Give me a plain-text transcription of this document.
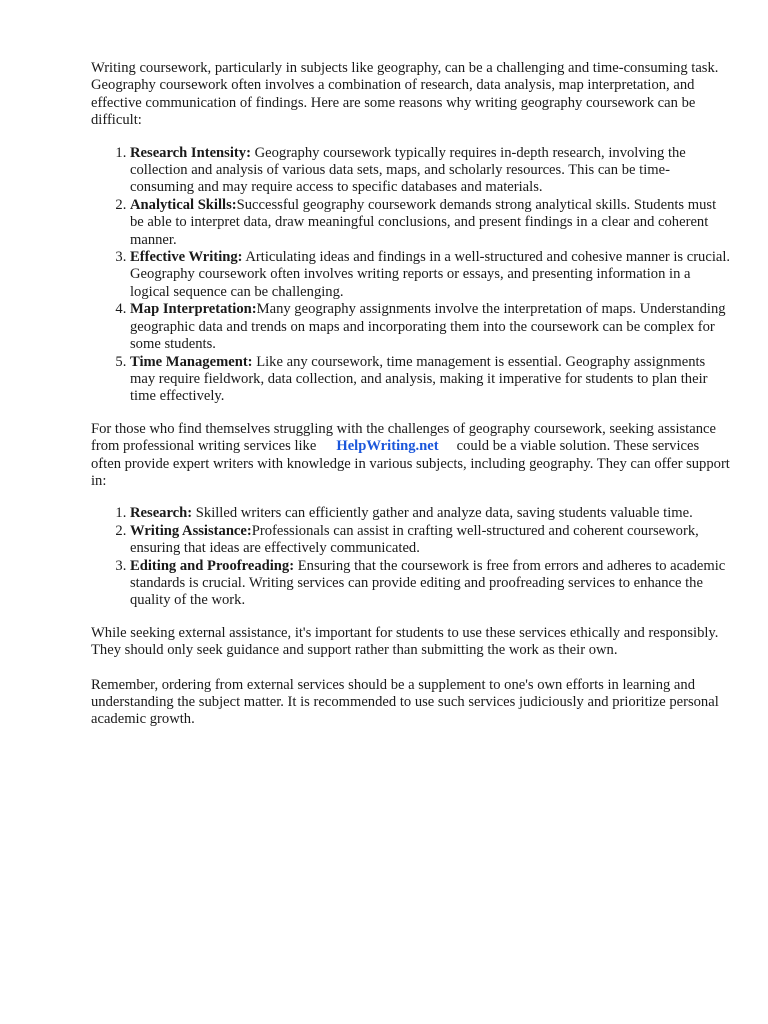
Writing coursework, particularly in subjects like geography, can be a challenging and time-consuming task. Geography coursework often involves a combination of research, data analysis, map interpretation, and effective communication of findings. Here are some reasons why writing geography coursework can be difficult:

1. Research Intensity: Geography coursework typically requires in-depth research, involving the collection and analysis of various data sets, maps, and scholarly resources. This can be time-consuming and may require access to specific databases and materials.
2. Analytical Skills:Successful geography coursework demands strong analytical skills. Students must be able to interpret data, draw meaningful conclusions, and present findings in a clear and coherent manner.
3. Effective Writing: Articulating ideas and findings in a well-structured and cohesive manner is crucial. Geography coursework often involves writing reports or essays, and presenting information in a logical sequence can be challenging.
4. Map Interpretation:Many geography assignments involve the interpretation of maps. Understanding geographic data and trends on maps and incorporating them into the coursework can be complex for some students.
5. Time Management: Like any coursework, time management is essential. Geography assignments may require fieldwork, data collection, and analysis, making it imperative for students to plan their time effectively.

For those who find themselves struggling with the challenges of geography coursework, seeking assistance from professional writing services like HelpWriting.net could be a viable solution. These services often provide expert writers with knowledge in various subjects, including geography. They can offer support in:

1. Research: Skilled writers can efficiently gather and analyze data, saving students valuable time.
2. Writing Assistance:Professionals can assist in crafting well-structured and coherent coursework, ensuring that ideas are effectively communicated.
3. Editing and Proofreading: Ensuring that the coursework is free from errors and adheres to academic standards is crucial. Writing services can provide editing and proofreading services to enhance the quality of the work.

While seeking external assistance, it's important for students to use these services ethically and responsibly. They should only seek guidance and support rather than submitting the work as their own.

Remember, ordering from external services should be a supplement to one's own efforts in learning and understanding the subject matter. It is recommended to use such services judiciously and prioritize personal academic growth.
